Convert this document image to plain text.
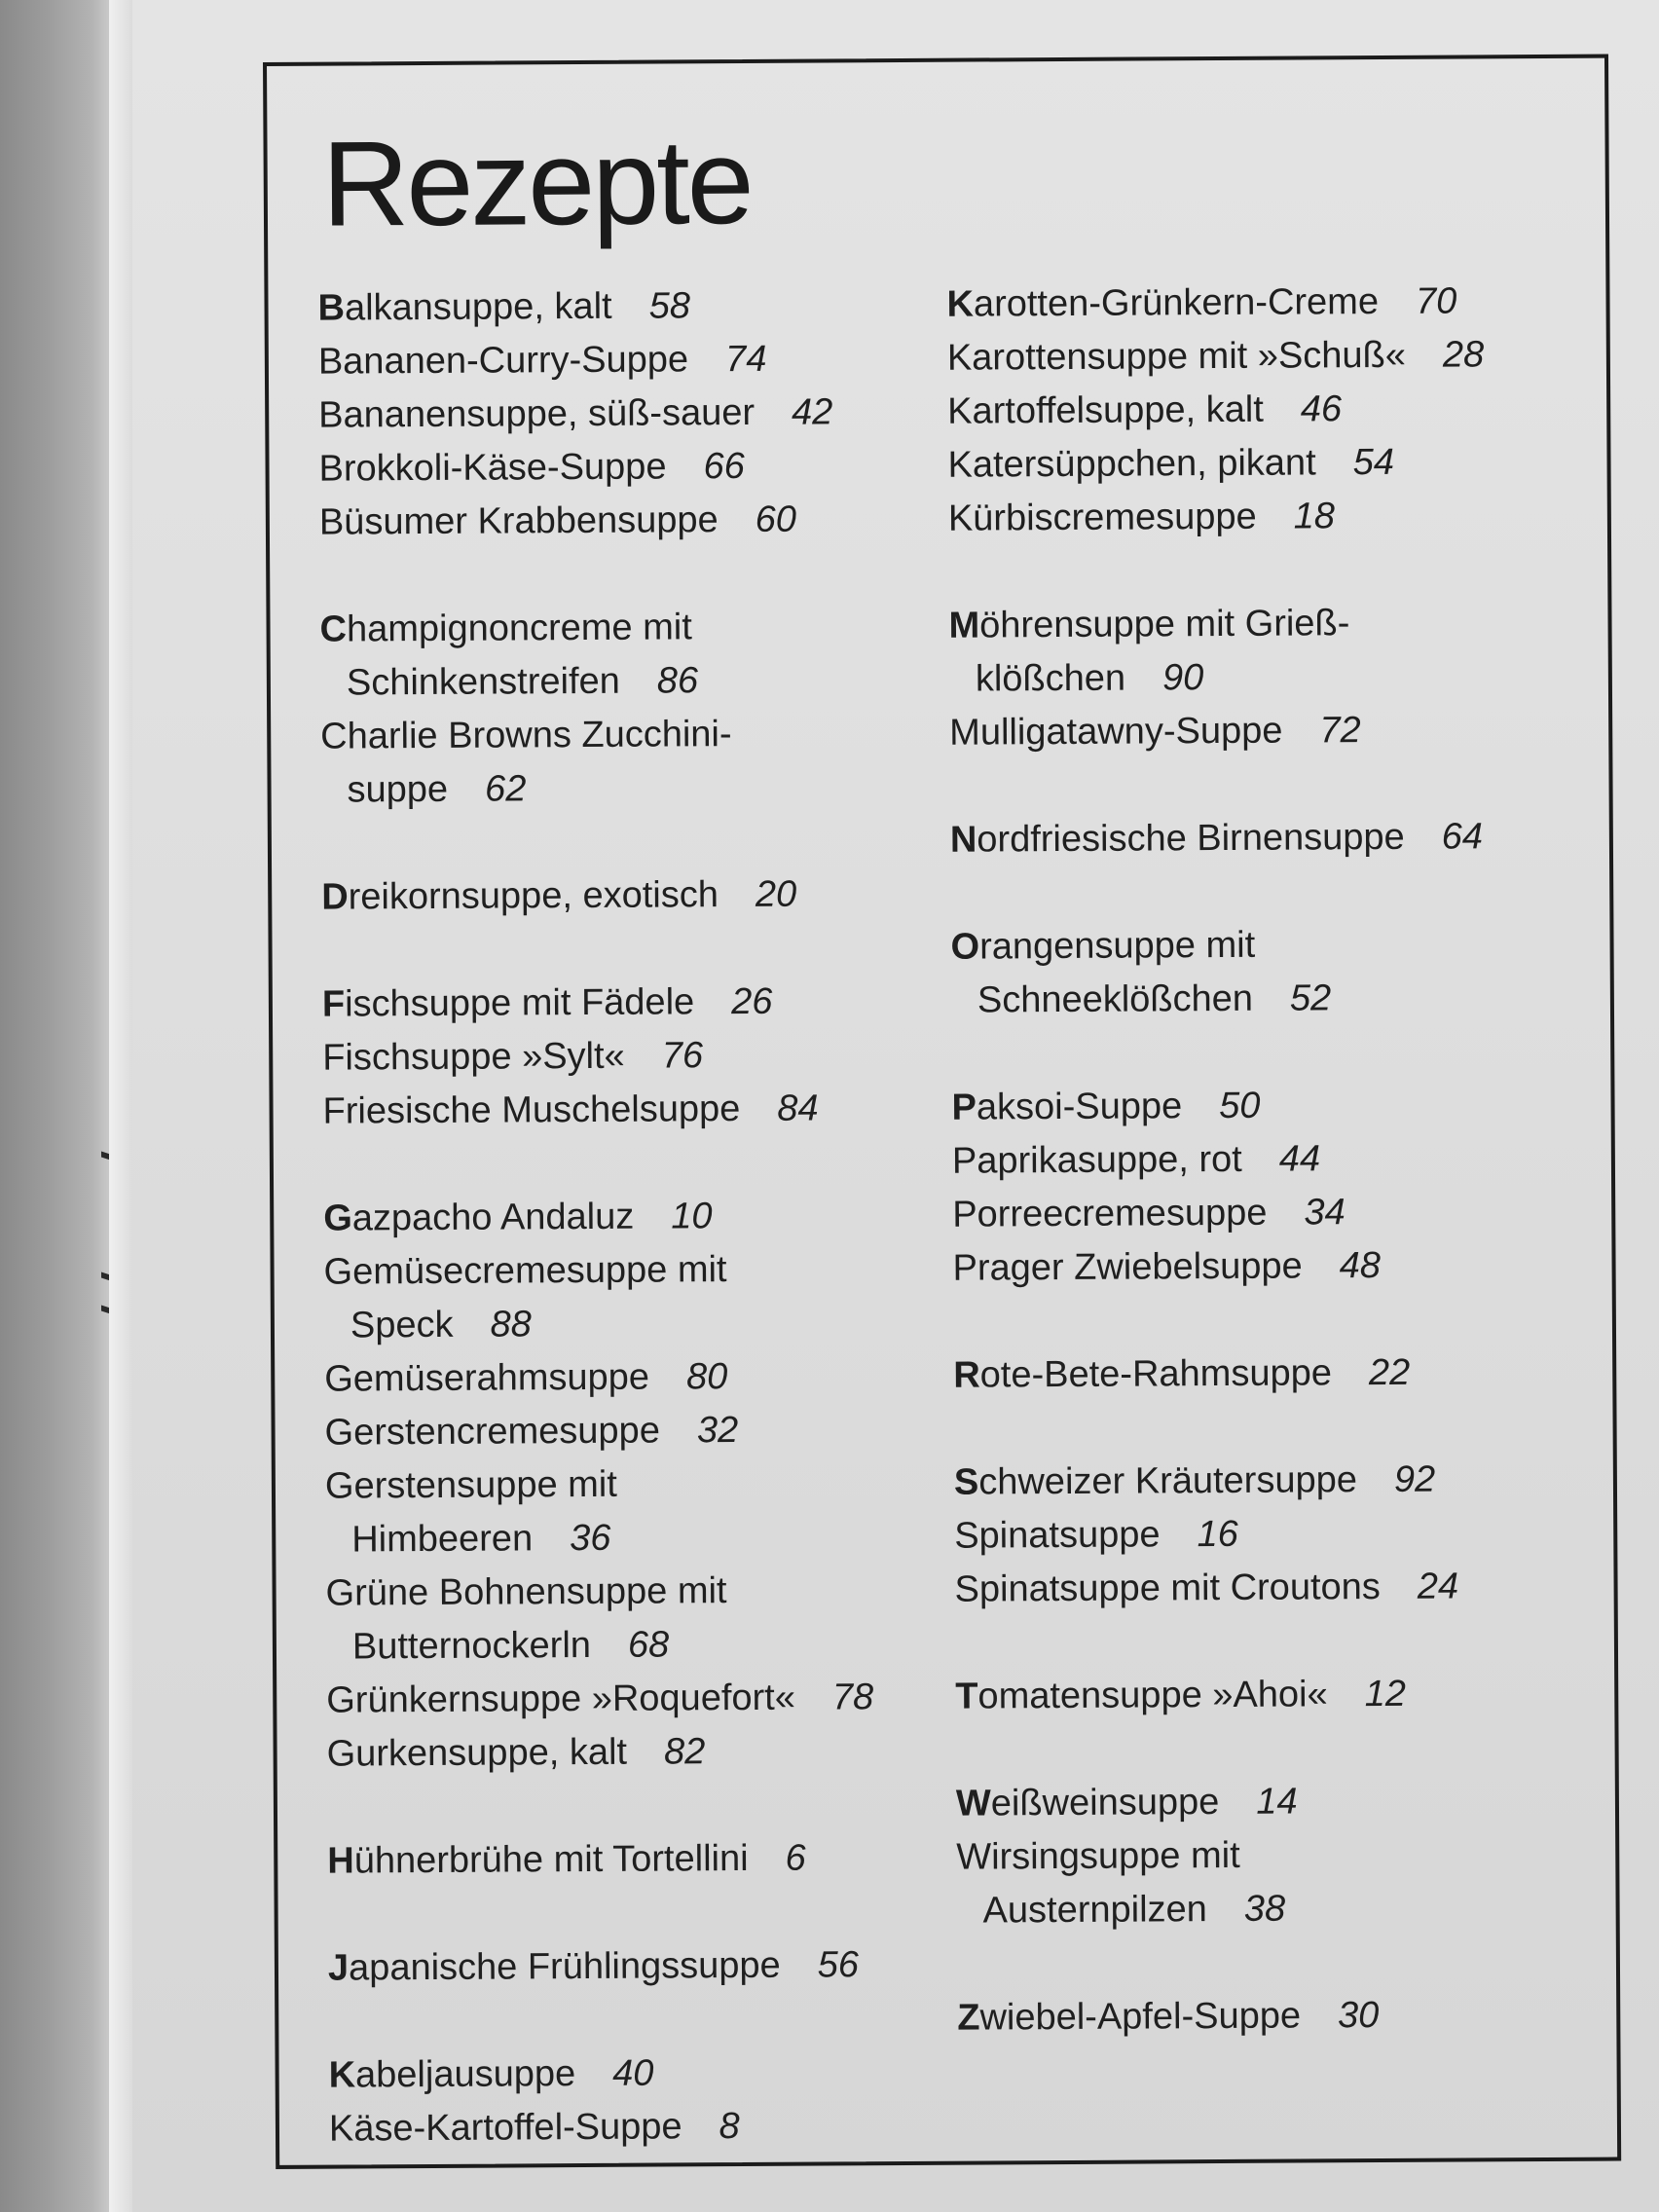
Rezepte
Balkansuppe, kalt 58
Bananen-Curry-Suppe 74
Bananensuppe, süß-sauer 42
Brokkoli-Käse-Suppe 66
Büsumer Krabbensuppe 60
Champignoncreme mit
Schinkenstreifen 86
Charlie Browns Zucchini-
suppe 62
Dreikornsuppe, exotisch 20
Fischsuppe mit Fädele 26
Fischsuppe »Sylt« 76
Friesische Muschelsuppe 84
Gazpacho Andaluz 10
Gemüsecremesuppe mit
Speck 88
Gemüserahmsuppe 80
Gerstencremesuppe 32
Gerstensuppe mit
Himbeeren 36
Grüne Bohnensuppe mit
Butternockerln 68
Grünkernsuppe »Roquefort« 78
Gurkensuppe, kalt 82
Hühnerbrühe mit Tortellini 6
Japanische Frühlingssuppe 56
Kabeljausuppe 40
Käse-Kartoffel-Suppe 8
Karotten-Grünkern-Creme 70
Karottensuppe mit »Schuß« 28
Kartoffelsuppe, kalt 46
Katersüppchen, pikant 54
Kürbiscremesuppe 18
Möhrensuppe mit Grieß-
klößchen 90
Mulligatawny-Suppe 72
Nordfriesische Birnensuppe 64
Orangensuppe mit
Schneeklößchen 52
Paksoi-Suppe 50
Paprikasuppe, rot 44
Porreecremesuppe 34
Prager Zwiebelsuppe 48
Rote-Bete-Rahmsuppe 22
Schweizer Kräutersuppe 92
Spinatsuppe 16
Spinatsuppe mit Croutons 24
Tomatensuppe »Ahoi« 12
Weißweinsuppe 14
Wirsingsuppe mit
Austernpilzen 38
Zwiebel-Apfel-Suppe 30
